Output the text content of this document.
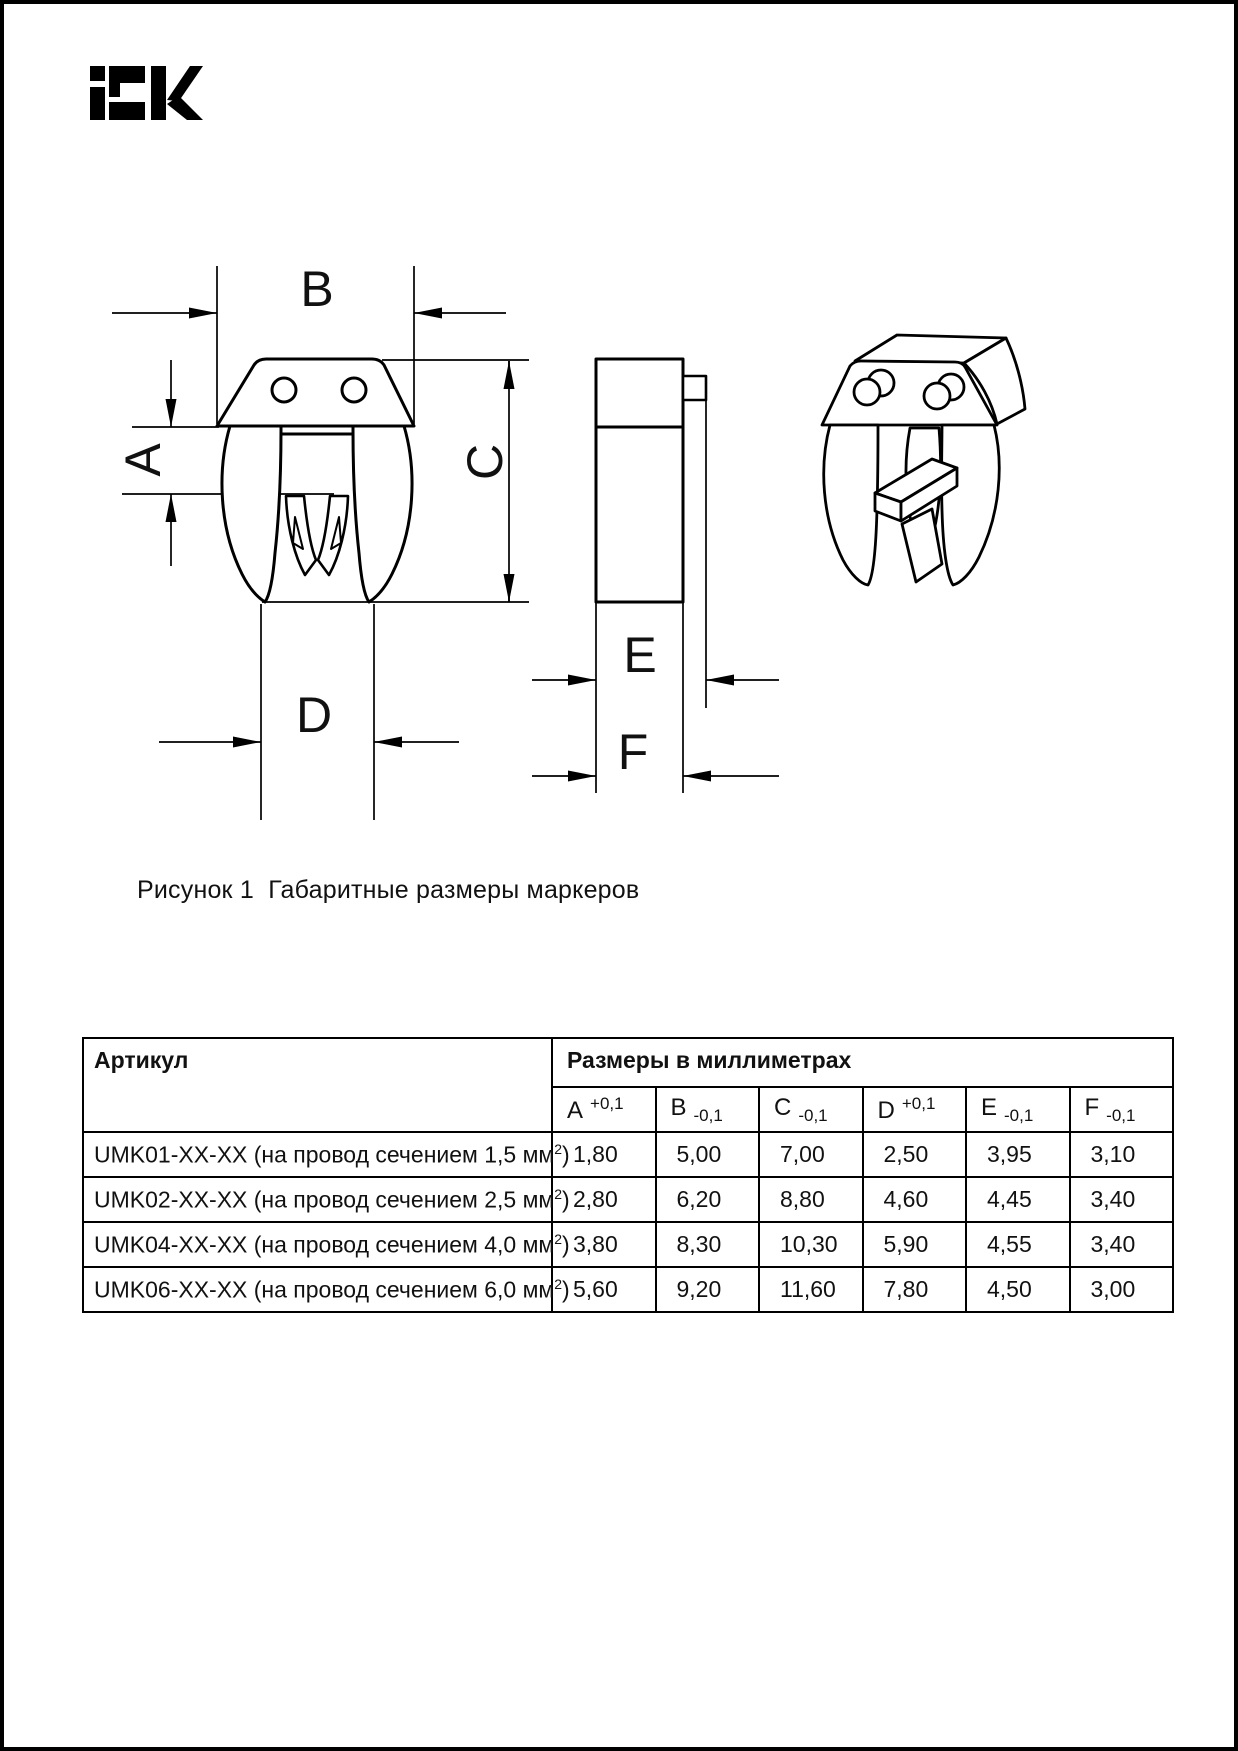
B
A	C
D
E
F
Рисунок 1  Габаритные размеры маркеров
Артикул	Размеры в миллиметрах					
	A $^{+0,1}$	B $_{-0,1}$	C $_{-0,1}$	D $^{+0,1}$	E $_{-0,1}$	F $_{-0,1}$
UMK01-XX-XX (на провод сечением 1,5 $мм^2$)	1,80	5,00	7,00	2,50	3,95	3,10
UMK02-XX-XX (на провод сечением 2,5 $мм^2$)	2,80	6,20	8,80	4,60	4,45	3,40
UMK04-XX-XX (на провод сечением 4,0 $мм^2$)	3,80	8,30	10,30	5,90	4,55	3,40
UMK06-XX-XX (на провод сечением 6,0 $мм^2$)	5,60	9,20	11,60	7,80	4,50	3,00
